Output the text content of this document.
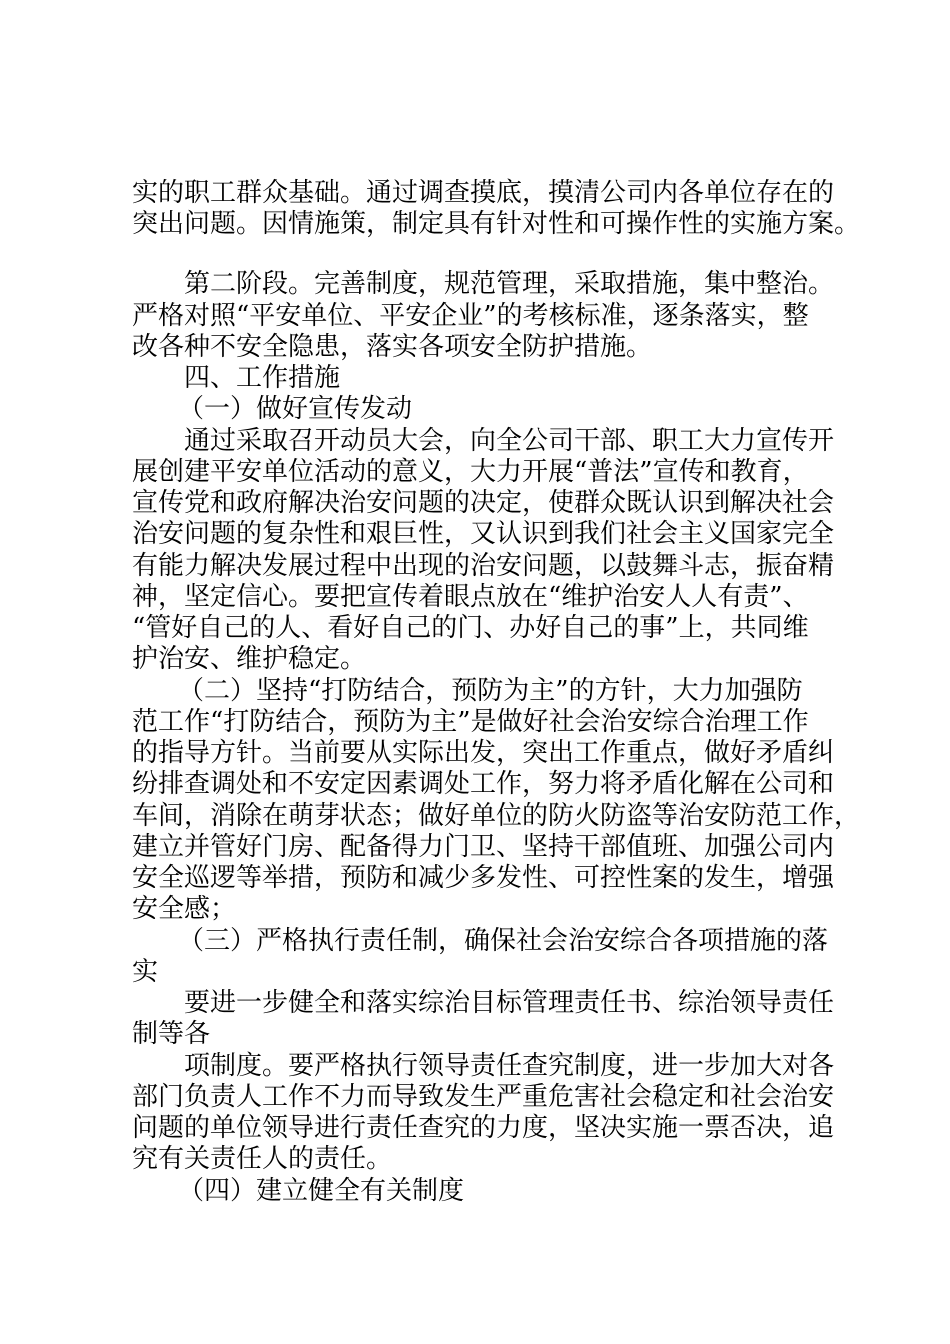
实的职工群众基础。通过调查摸底，摸清公司内各单位存在的

突出问题。因情施策，制定具有针对性和可操作性的实施方案。

第二阶段。完善制度，规范管理，采取措施，集中整治。

严格对照“平安单位、平安企业”的考核标准，逐条落实，整

改各种不安全隐患，落实各项安全防护措施。

四、工作措施

（一）做好宣传发动

通过采取召开动员大会，向全公司干部、职工大力宣传开

展创建平安单位活动的意义，大力开展“普法”宣传和教育，

宣传党和政府解决治安问题的决定，使群众既认识到解决社会

治安问题的复杂性和艰巨性，又认识到我们社会主义国家完全

有能力解决发展过程中出现的治安问题，以鼓舞斗志，振奋精

神，坚定信心。要把宣传着眼点放在“维护治安人人有责”、

“管好自己的人、看好自己的门、办好自己的事”上，共同维

护治安、维护稳定。

（二）坚持“打防结合，预防为主”的方针，大力加强防

范工作“打防结合，预防为主”是做好社会治安综合治理工作

的指导方针。当前要从实际出发，突出工作重点，做好矛盾纠

纷排查调处和不安定因素调处工作，努力将矛盾化解在公司和

车间，消除在萌芽状态；做好单位的防火防盗等治安防范工作，

建立并管好门房、配备得力门卫、坚持干部值班、加强公司内

安全巡逻等举措，预防和减少多发性、可控性案的发生，增强

安全感；

（三）严格执行责任制，确保社会治安综合各项措施的落

实

要进一步健全和落实综治目标管理责任书、综治领导责任

制等各

项制度。要严格执行领导责任查究制度，进一步加大对各

部门负责人工作不力而导致发生严重危害社会稳定和社会治安

问题的单位领导进行责任查究的力度，坚决实施一票否决，追

究有关责任人的责任。

（四）建立健全有关制度
